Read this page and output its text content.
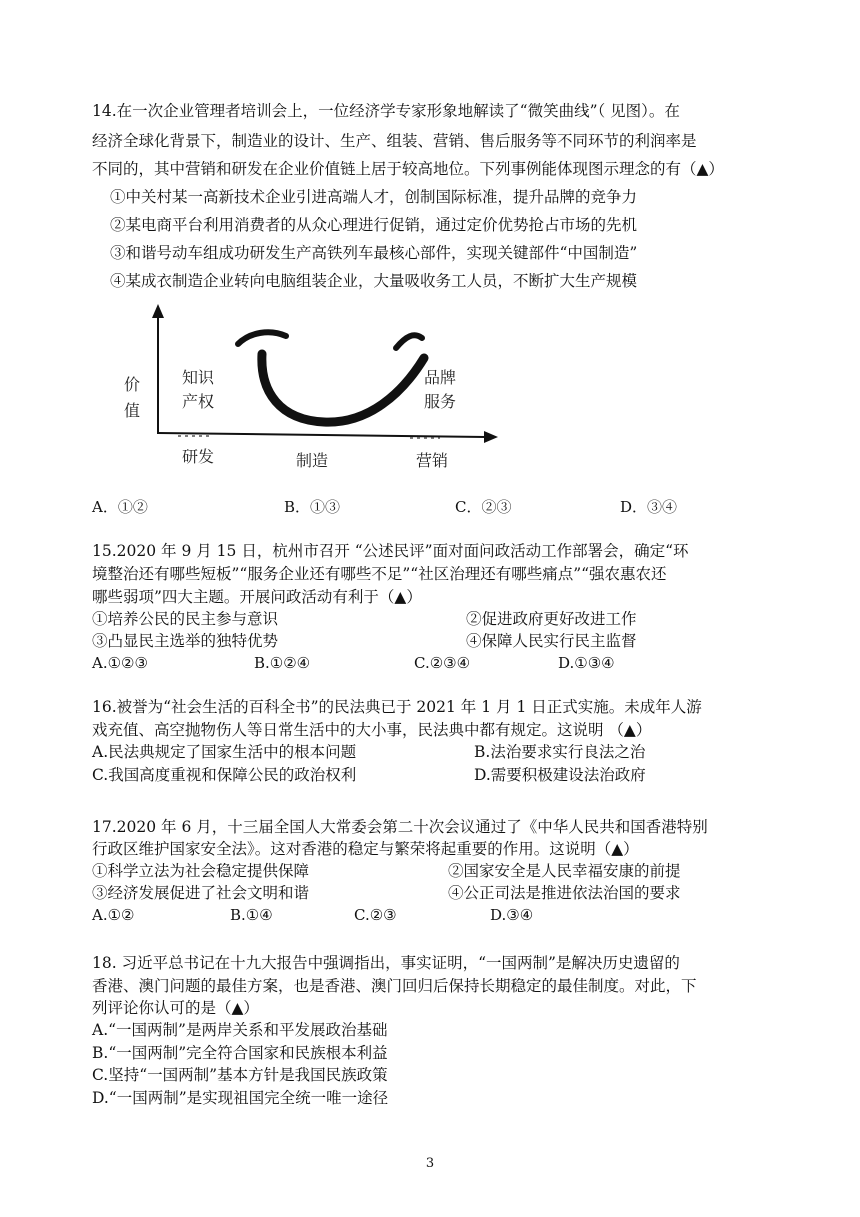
14.在一次企业管理者培训会上，一位经济学专家形象地解读了“微笑曲线”（ 见图）。在
经济全球化背景下，制造业的设计、生产、组装、营销、售后服务等不同环节的利润率是
不同的，其中营销和研发在企业价值链上居于较高地位。下列事例能体现图示理念的有（▲）
①中关村某一高新技术企业引进高端人才，创制国际标准，提升品牌的竞争力
②某电商平台利用消费者的从众心理进行促销，通过定价优势抢占市场的先机
③和谐号动车组成功研发生产高铁列车最核心部件，实现关键部件“中国制造”
④某成衣制造企业转向电脑组装企业，大量吸收务工人员，不断扩大生产规模
价值
知识产权
品牌服务
研发	制造	营销
A．①②	B．①③	C．②③	D．③④
15.2020 年 9 月 15 日，杭州市召开 “公述民评”面对面问政活动工作部署会，确定“环
境整治还有哪些短板”“服务企业还有哪些不足”“社区治理还有哪些痛点”“强农惠农还
哪些弱项”四大主题。开展问政活动有利于（▲）
①培养公民的民主参与意识	②促进政府更好改进工作
③凸显民主选举的独特优势	④保障人民实行民主监督
A.①②③	B.①②④	C.②③④	D.①③④
16.被誉为“社会生活的百科全书”的民法典已于 2021 年 1 月 1 日正式实施。未成年人游
戏充值、高空抛物伤人等日常生活中的大小事，民法典中都有规定。这说明 （▲）
A.民法典规定了国家生活中的根本问题	B.法治要求实行良法之治
C.我国高度重视和保障公民的政治权利	D.需要积极建设法治政府
17.2020 年 6 月，十三届全国人大常委会第二十次会议通过了《中华人民共和国香港特别
行政区维护国家安全法》。这对香港的稳定与繁荣将起重要的作用。这说明（▲）
①科学立法为社会稳定提供保障	②国家安全是人民幸福安康的前提
③经济发展促进了社会文明和谐	④公正司法是推进依法治国的要求
A.①②	B.①④	C.②③	D.③④
18. 习近平总书记在十九大报告中强调指出，事实证明，“一国两制”是解决历史遗留的
香港、澳门问题的最佳方案，也是香港、澳门回归后保持长期稳定的最佳制度。对此，下
列评论你认可的是（▲）
A.“一国两制”是两岸关系和平发展政治基础
B.“一国两制”完全符合国家和民族根本利益
C.坚持“一国两制”基本方针是我国民族政策
D.“一国两制”是实现祖国完全统一唯一途径
3
